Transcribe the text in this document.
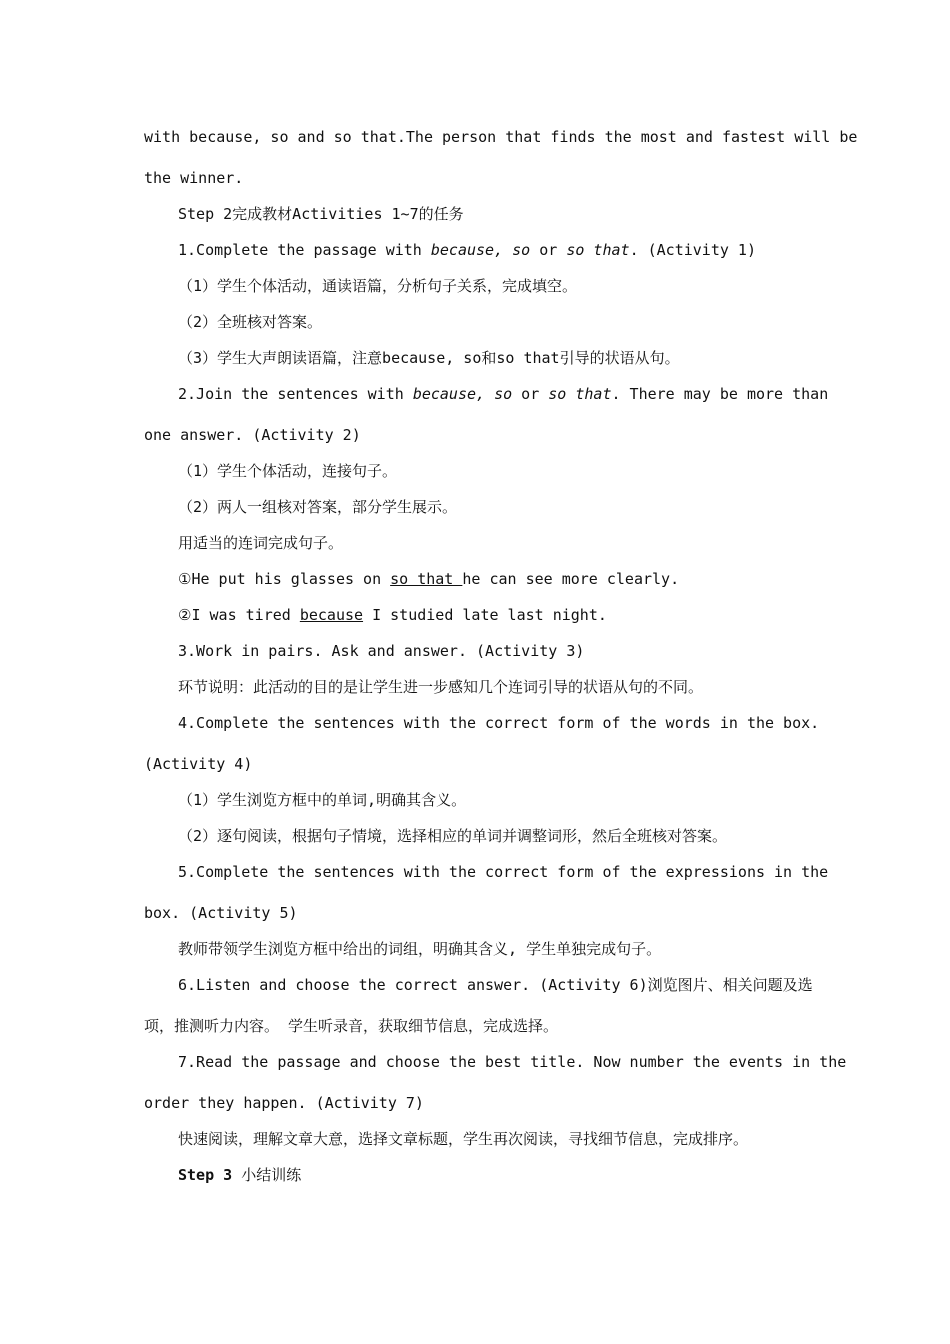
with because, so and so that.The person that finds the most and fastest will be
the winner.
Step 2完成教材Activities 1~7的任务
1.Complete the passage with because, so or so that. (Activity 1)
（1）学生个体活动，通读语篇，分析句子关系，完成填空。
（2）全班核对答案。
（3）学生大声朗读语篇，注意because, so和so that引导的状语从句。
2.Join the sentences with because, so or so that. There may be more than
one answer. (Activity 2)
（1）学生个体活动，连接句子。
（2）两人一组核对答案，部分学生展示。
用适当的连词完成句子。
①He put his glasses on so that he can see more clearly.
②I was tired because I studied late last night.
3.Work in pairs. Ask and answer. (Activity 3)
环节说明：此活动的目的是让学生进一步感知几个连词引导的状语从句的不同。
4.Complete the sentences with the correct form of the words in the box.
(Activity 4)
（1）学生浏览方框中的单词,明确其含义。
（2）逐句阅读，根据句子情境，选择相应的单词并调整词形，然后全班核对答案。
5.Complete the sentences with the correct form of the expressions in the
box. (Activity 5)
教师带领学生浏览方框中给出的词组，明确其含义, 学生单独完成句子。
6.Listen and choose the correct answer. (Activity 6)浏览图片、相关问题及选
项，推测听力内容。 学生听录音，获取细节信息，完成选择。
7.Read the passage and choose the best title. Now number the events in the
order they happen. (Activity 7)
快速阅读，理解文章大意，选择文章标题，学生再次阅读，寻找细节信息，完成排序。
Step 3 小结训练
